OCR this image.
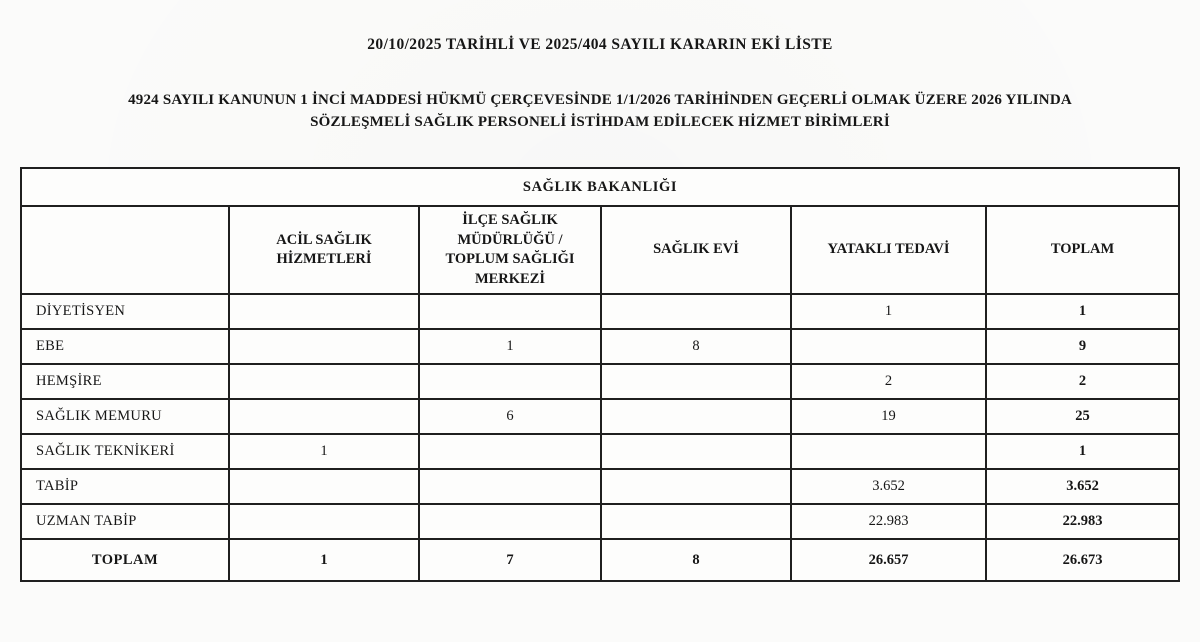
20/10/2025 TARİHLİ VE 2025/404 SAYILI KARARIN EKİ LİSTE
4924 SAYILI KANUNUN 1 İNCİ MADDESİ HÜKMÜ ÇERÇEVESİNDE 1/1/2026 TARİHİNDEN GEÇERLİ OLMAK ÜZERE 2026 YILINDA
SÖZLEŞMELİ SAĞLIK PERSONELİ İSTİHDAM EDİLECEK HİZMET BİRİMLERİ
SAĞLIK BAKANLIĞI					
	ACİL SAĞLIK HİZMETLERİ	İLÇE SAĞLIK MÜDÜRLÜĞÜ / TOPLUM SAĞLIĞI MERKEZİ	SAĞLIK EVİ	YATAKLI TEDAVİ	TOPLAM
DİYETİSYEN				1	1
EBE		1	8		9
HEMŞİRE				2	2
SAĞLIK MEMURU		6		19	25
SAĞLIK TEKNİKERİ	1				1
TABİP				3.652	3.652
UZMAN TABİP				22.983	22.983
TOPLAM	1	7	8	26.657	26.673
